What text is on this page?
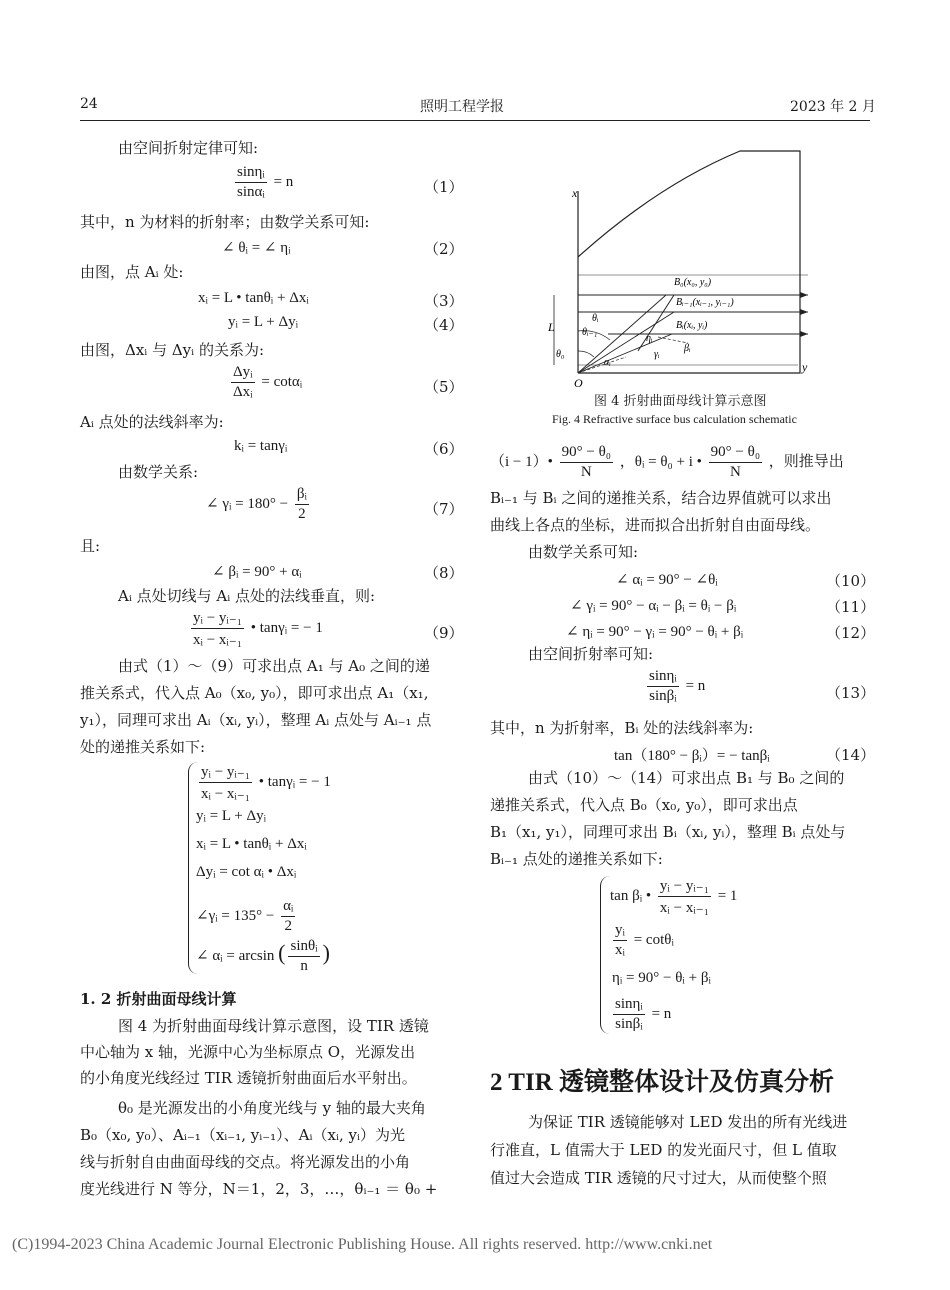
24	照明工程学报	2023 年 2 月
由空间折射定律可知:
$\frac{\text{sinηᵢ}}{\text{sinαᵢ}} = n$	（1）
其中，n 为材料的折射率；由数学关系可知:
∠ θᵢ = ∠ ηᵢ	（2）
由图，点 Aᵢ 处:
xᵢ = L • tanθᵢ + Δxᵢ	（3）
yᵢ = L + Δyᵢ	（4）
由图，Δxᵢ 与 Δyᵢ 的关系为:
$\frac{\text{Δyᵢ}}{\text{Δxᵢ}}$ = cotαᵢ	（5）
Aᵢ 点处的法线斜率为:
kᵢ = tanγᵢ	（6）
由数学关系:
∠ γᵢ = $180^\circ - \frac{\text{βᵢ}}{2}$	（7）
且:
∠ βᵢ = 90° + αᵢ	（8）
Aᵢ 点处切线与 Aᵢ 点处的法线垂直，则:
$\frac{\text{yᵢ − yᵢ₋₁}}{\text{xᵢ − xᵢ₋₁}}$ • tanγᵢ = − 1	（9）
由式（1）～（9）可求出点 A₁ 与 A₀ 之间的递
推关系式，代入点 A₀（x₀, y₀），即可求出点 A₁（x₁,
y₁），同理可求出 Aᵢ（xᵢ, yᵢ），整理 Aᵢ 点处与 Aᵢ₋₁ 点
处的递推关系如下:
$\frac{\text{yᵢ − yᵢ₋₁}}{\text{xᵢ − xᵢ₋₁}}$ • tanγᵢ = − 1
yᵢ = L + Δyᵢ
xᵢ = L • tanθᵢ + Δxᵢ
Δyᵢ = cot αᵢ • Δxᵢ
∠γᵢ = $135^\circ - \frac{\text{αᵢ}}{2}$
∠ αᵢ = arcsin ( $\frac{\text{sinθᵢ}}{n}$ )
1. 2 折射曲面母线计算
图 4 为折射曲面母线计算示意图，设 TIR 透镜
中心轴为 x 轴，光源中心为坐标原点 O，光源发出
的小角度光线经过 TIR 透镜折射曲面后水平射出。
θ₀ 是光源发出的小角度光线与 y 轴的最大夹角
B₀（x₀, y₀）、Aᵢ₋₁（xᵢ₋₁, yᵢ₋₁）、Aᵢ（xᵢ, yᵢ）为光
线与折射自由曲面母线的交点。将光源发出的小角
度光线进行 N 等分，N＝1，2，3，…，θᵢ₋₁ ＝ θ₀ +
x
L
y
O
B₀(x₀, y₀)
Bᵢ₋₁(xᵢ₋₁, yᵢ₋₁)
Bᵢ(xᵢ, yᵢ)
θᵢ
θᵢ₋₁
θ₀
ηᵢ
βᵢ
γᵢ
αᵢ
图 4 折射曲面母线计算示意图
Fig. 4 Refractive surface bus calculation schematic
（i − 1）• $\frac{\text{90° − θ₀}}{N}$ ，θᵢ = θ₀ + i • $\frac{\text{90° − θ₀}}{N}$ ，则推导出
Bᵢ₋₁ 与 Bᵢ 之间的递推关系，结合边界值就可以求出
曲线上各点的坐标，进而拟合出折射自由面母线。
由数学关系可知:
∠ αᵢ = 90° − ∠θᵢ	（10）
∠ γᵢ = 90° − αᵢ − βᵢ = θᵢ − βᵢ	（11）
∠ ηᵢ = 90° − γᵢ = 90° − θᵢ + βᵢ	（12）
由空间折射率可知:
$\frac{\text{sinηᵢ}}{\text{sinβᵢ}} = n$	（13）
其中，n 为折射率，Bᵢ 处的法线斜率为:
tan（180° − βᵢ）= − tanβᵢ	（14）
由式（10）～（14）可求出点 B₁ 与 B₀ 之间的
递推关系式，代入点 B₀（x₀, y₀），即可求出点
B₁（x₁, y₁），同理可求出 Bᵢ（xᵢ, yᵢ），整理 Bᵢ 点处与
Bᵢ₋₁ 点处的递推关系如下:
tan βᵢ • $\frac{\text{yᵢ − yᵢ₋₁}}{\text{xᵢ − xᵢ₋₁}} = 1$
$\frac{\text{yᵢ}}{\text{xᵢ}}$ = cotθᵢ
ηᵢ = 90° − θᵢ + βᵢ
$\frac{\text{sinηᵢ}}{\text{sinβᵢ}} = n$
2 TIR 透镜整体设计及仿真分析
为保证 TIR 透镜能够对 LED 发出的所有光线进
行准直，L 值需大于 LED 的发光面尺寸，但 L 值取
值过大会造成 TIR 透镜的尺寸过大，从而使整个照
(C)1994-2023 China Academic Journal Electronic Publishing House. All rights reserved. http://www.cnki.net
